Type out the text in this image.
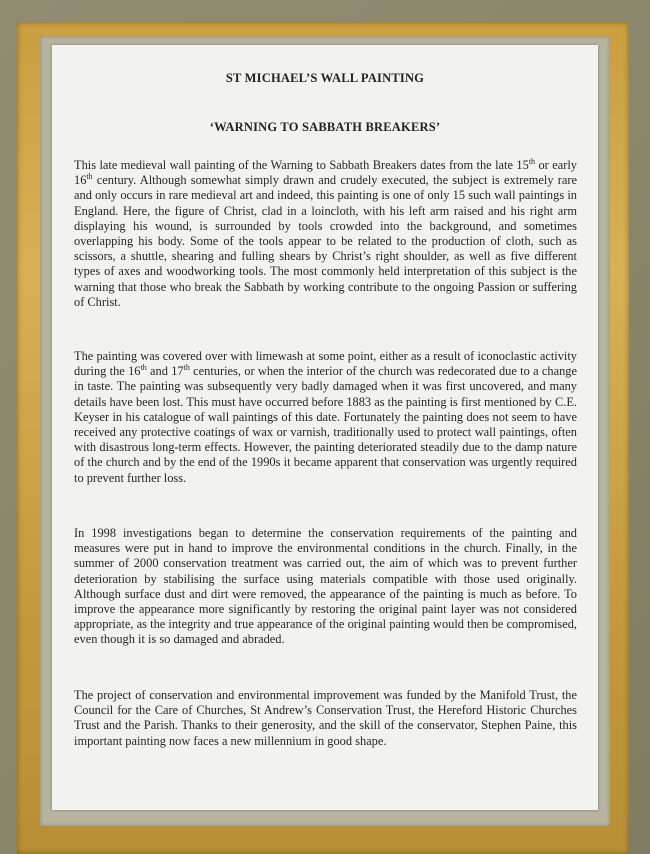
ST MICHAEL’S WALL PAINTING
‘WARNING TO SABBATH BREAKERS’
This late medieval wall painting of the Warning to Sabbath Breakers dates from the late 15th or early 16th century. Although somewhat simply drawn and crudely executed, the subject is extremely rare and only occurs in rare medieval art and indeed, this painting is one of only 15 such wall paintings in England. Here, the figure of Christ, clad in a loincloth, with his left arm raised and his right arm displaying his wound, is surrounded by tools crowded into the background, and sometimes overlapping his body. Some of the tools appear to be related to the production of cloth, such as scissors, a shuttle, shearing and fulling shears by Christ’s right shoulder, as well as five different types of axes and woodworking tools. The most commonly held interpretation of this subject is the warning that those who break the Sabbath by working contribute to the ongoing Passion or suffering of Christ.
The painting was covered over with limewash at some point, either as a result of iconoclastic activity during the 16th and 17th centuries, or when the interior of the church was redecorated due to a change in taste. The painting was subsequently very badly damaged when it was first uncovered, and many details have been lost. This must have occurred before 1883 as the painting is first mentioned by C.E. Keyser in his catalogue of wall paintings of this date. Fortunately the painting does not seem to have received any protective coatings of wax or varnish, traditionally used to protect wall paintings, often with disastrous long-term effects. However, the painting deteriorated steadily due to the damp nature of the church and by the end of the 1990s it became apparent that conservation was urgently required to prevent further loss.
In 1998 investigations began to determine the conservation requirements of the painting and measures were put in hand to improve the environmental conditions in the church. Finally, in the summer of 2000 conservation treatment was carried out, the aim of which was to prevent further deterioration by stabilising the surface using materials compatible with those used originally. Although surface dust and dirt were removed, the appearance of the painting is much as before. To improve the appearance more significantly by restoring the original paint layer was not considered appropriate, as the integrity and true appearance of the original painting would then be compromised, even though it is so damaged and abraded.
The project of conservation and environmental improvement was funded by the Manifold Trust, the Council for the Care of Churches, St Andrew’s Conservation Trust, the Hereford Historic Churches Trust and the Parish. Thanks to their generosity, and the skill of the conservator, Stephen Paine, this important painting now faces a new millennium in good shape.
